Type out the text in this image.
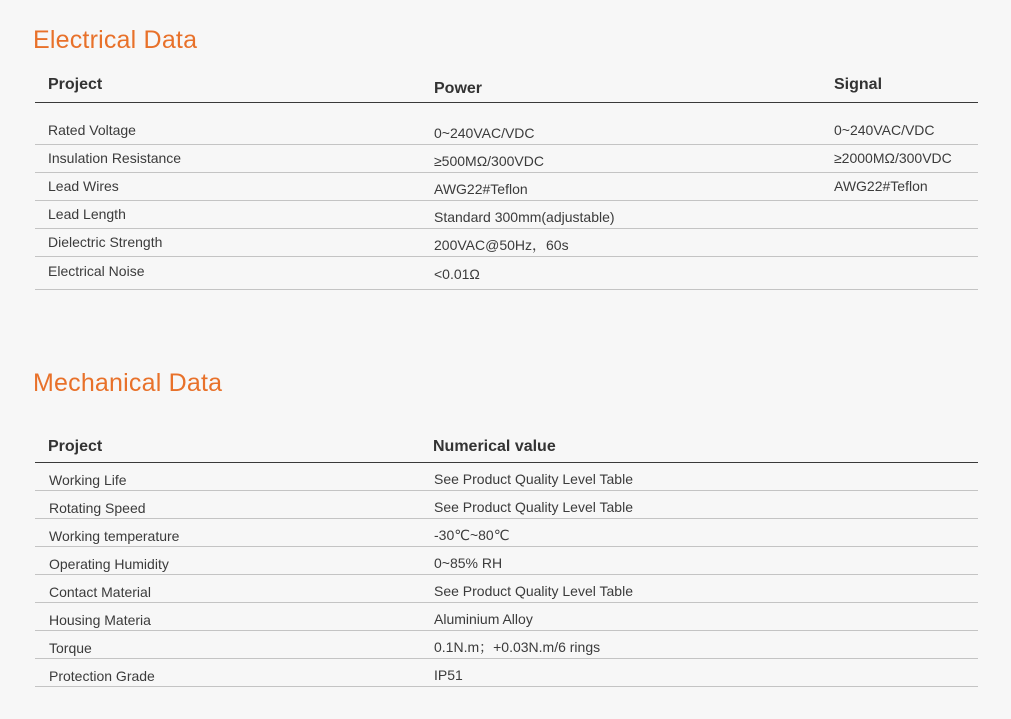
Electrical Data
Project	Power	Signal
Rated Voltage	0~240VAC/VDC	0~240VAC/VDC
Insulation Resistance	≥500MΩ/300VDC	≥2000MΩ/300VDC
Lead Wires	AWG22#Teflon	AWG22#Teflon
Lead Length	Standard 300mm(adjustable)
Dielectric Strength	200VAC@50Hz，60s
Electrical Noise	<0.01Ω
Mechanical Data
Project	Numerical value
Working Life	See Product Quality Level Table
Rotating Speed	See Product Quality Level Table
Working temperature	-30℃~80℃
Operating Humidity	0~85% RH
Contact Material	See Product Quality Level Table
Housing Materia	Aluminium Alloy
Torque	0.1N.m；+0.03N.m/6 rings
Protection Grade	IP51
